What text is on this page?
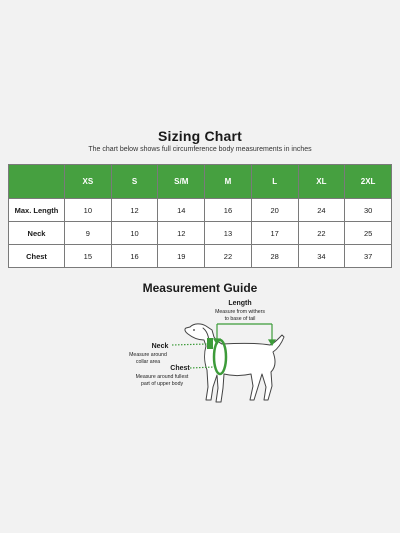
Sizing Chart
The chart below shows full circumference body measurements in inches
	XS	S	S/M	M	L	XL	2XL
Max. Length	10	12	14	16	20	24	30
Neck	9	10	12	13	17	22	25
Chest	15	16	19	22	28	34	37
Measurement Guide
Length
Measure from withers
to base of tail
Neck
Measure around
collar area
Chest
Measure around fullest
part of upper body
